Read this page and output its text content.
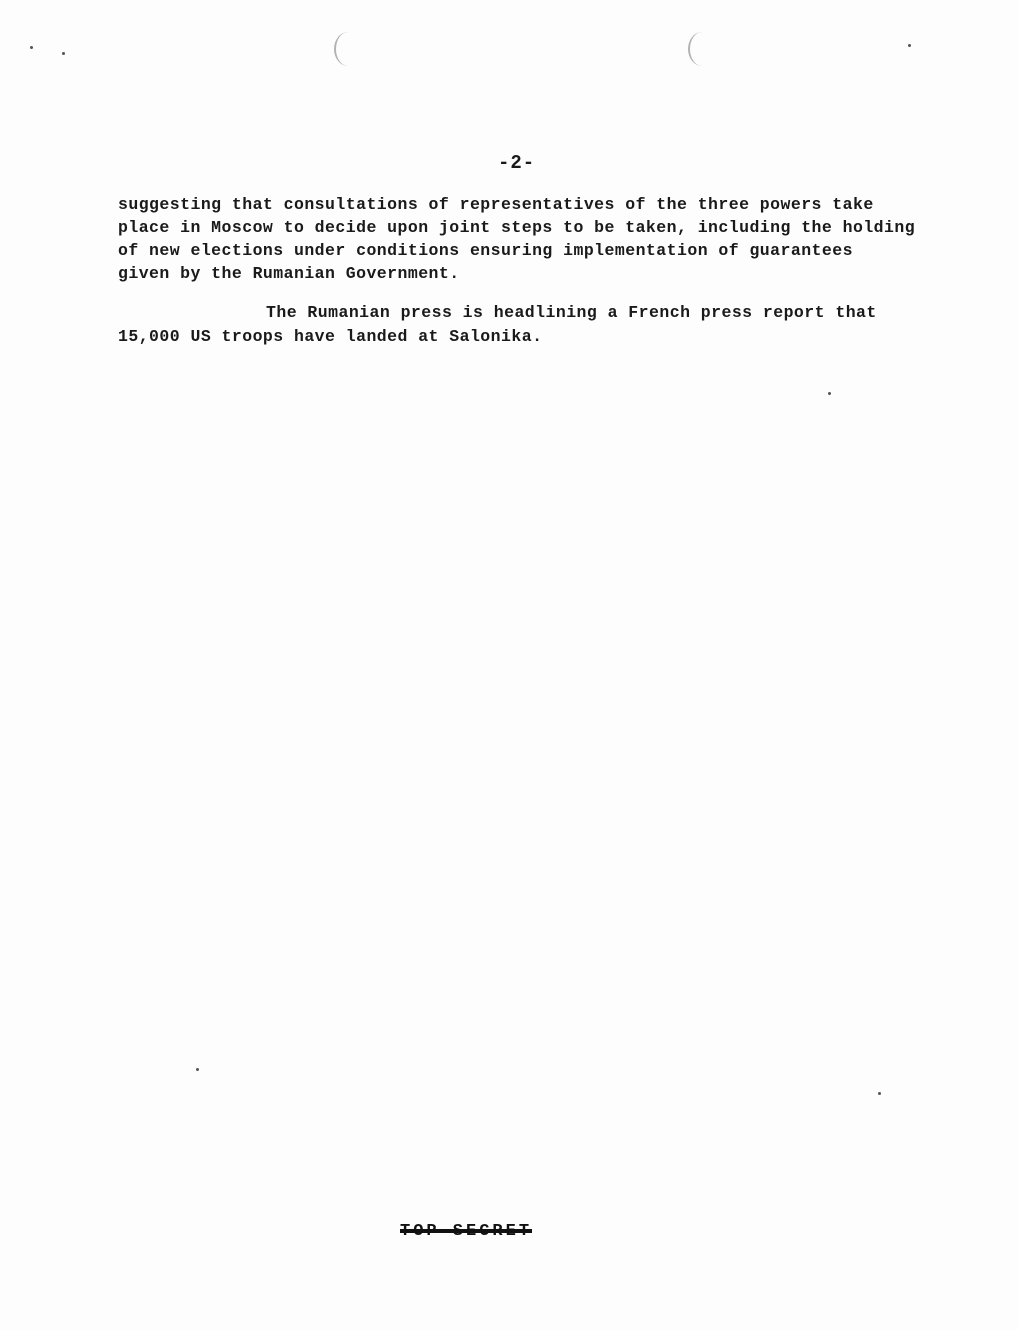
-2-
suggesting that consultations of representatives of the three powers take
place in Moscow to decide upon joint steps to be taken, including the holding
of new elections under conditions ensuring implementation of guarantees
given by the Rumanian Government.
The Rumanian press is headlining a French press report that
15,000 US troops have landed at Salonika.
TOP SECRET
